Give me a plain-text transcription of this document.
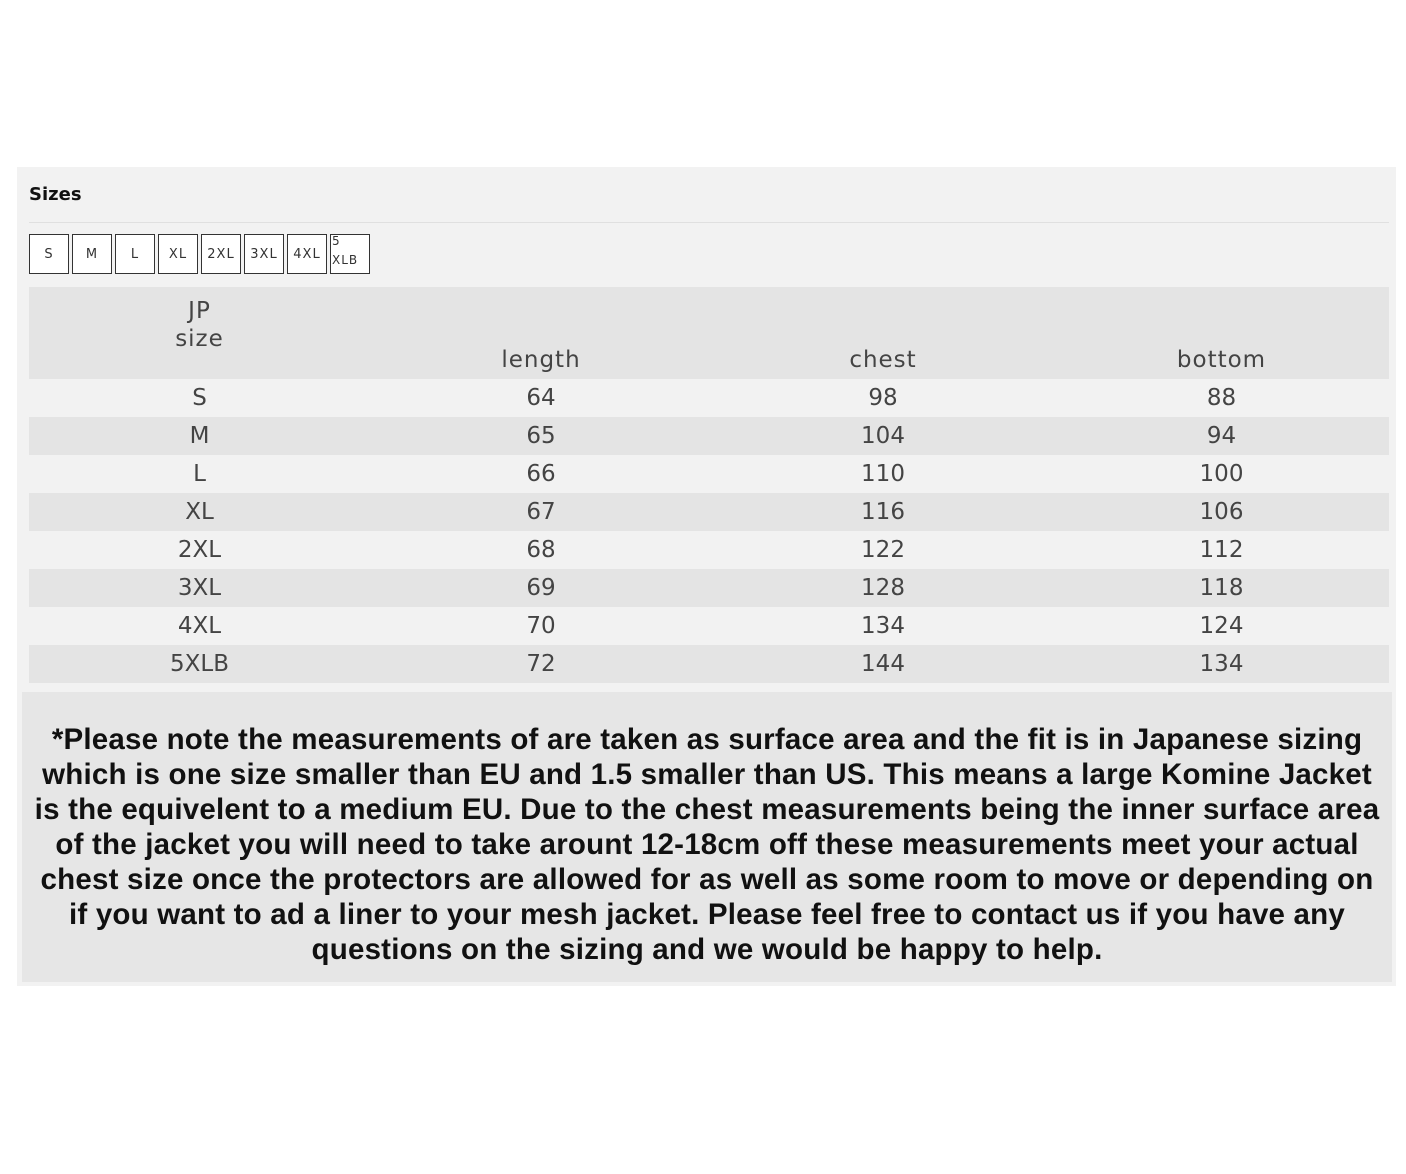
Sizes
S	M	L	XL	2XL	3XL	4XL
5
XLB
JP
size	length	chest	bottom
S	64	98	88
M	65	104	94
L	66	110	100
XL	67	116	106
2XL	68	122	112
3XL	69	128	118
4XL	70	134	124
5XLB	72	144	134
*Please note the measurements of are taken as surface area and the fit is in Japanese sizing which is one size smaller than EU and 1.5 smaller than US. This means a large Komine Jacket is the equivelent to a medium EU. Due to the chest measurements being the inner surface area of the jacket you will need to take arount 12-18cm off these measurements meet your actual chest size once the protectors are allowed for as well as some room to move or depending on if you want to ad a liner to your mesh jacket. Please feel free to contact us if you have any questions on the sizing and we would be happy to help.
